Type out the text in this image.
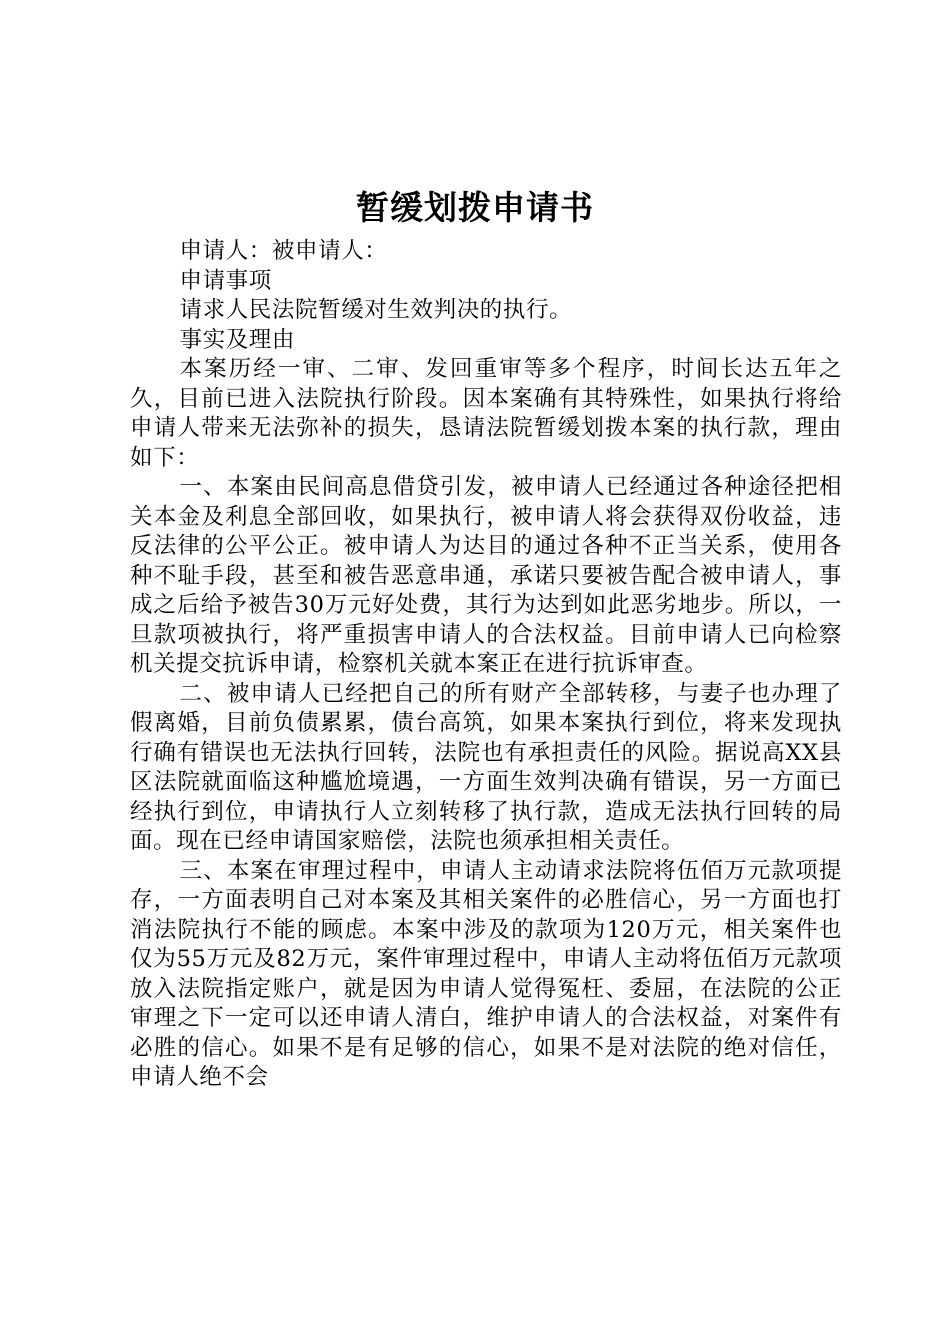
暂缓划拨申请书

申请人：被申请人：

申请事项

请求人民法院暂缓对生效判决的执行。

事实及理由

本案历经一审、二审、发回重审等多个程序，时间长达五年之久，目前已进入法院执行阶段。因本案确有其特殊性，如果执行将给申请人带来无法弥补的损失，恳请法院暂缓划拨本案的执行款，理由如下：

一、本案由民间高息借贷引发，被申请人已经通过各种途径把相关本金及利息全部回收，如果执行，被申请人将会获得双份收益，违反法律的公平公正。被申请人为达目的通过各种不正当关系，使用各种不耻手段，甚至和被告恶意串通，承诺只要被告配合被申请人，事成之后给予被告30万元好处费，其行为达到如此恶劣地步。所以，一旦款项被执行，将严重损害申请人的合法权益。目前申请人已向检察机关提交抗诉申请，检察机关就本案正在进行抗诉审查。

二、被申请人已经把自己的所有财产全部转移，与妻子也办理了假离婚，目前负债累累，债台高筑，如果本案执行到位，将来发现执行确有错误也无法执行回转，法院也有承担责任的风险。据说高XX县区法院就面临这种尴尬境遇，一方面生效判决确有错误，另一方面已经执行到位，申请执行人立刻转移了执行款，造成无法执行回转的局面。现在已经申请国家赔偿，法院也须承担相关责任。

三、本案在审理过程中，申请人主动请求法院将伍佰万元款项提存，一方面表明自己对本案及其相关案件的必胜信心，另一方面也打消法院执行不能的顾虑。本案中涉及的款项为120万元，相关案件也仅为55万元及82万元，案件审理过程中，申请人主动将伍佰万元款项放入法院指定账户，就是因为申请人觉得冤枉、委屈，在法院的公正审理之下一定可以还申请人清白，维护申请人的合法权益，对案件有必胜的信心。如果不是有足够的信心，如果不是对法院的绝对信任，申请人绝不会
